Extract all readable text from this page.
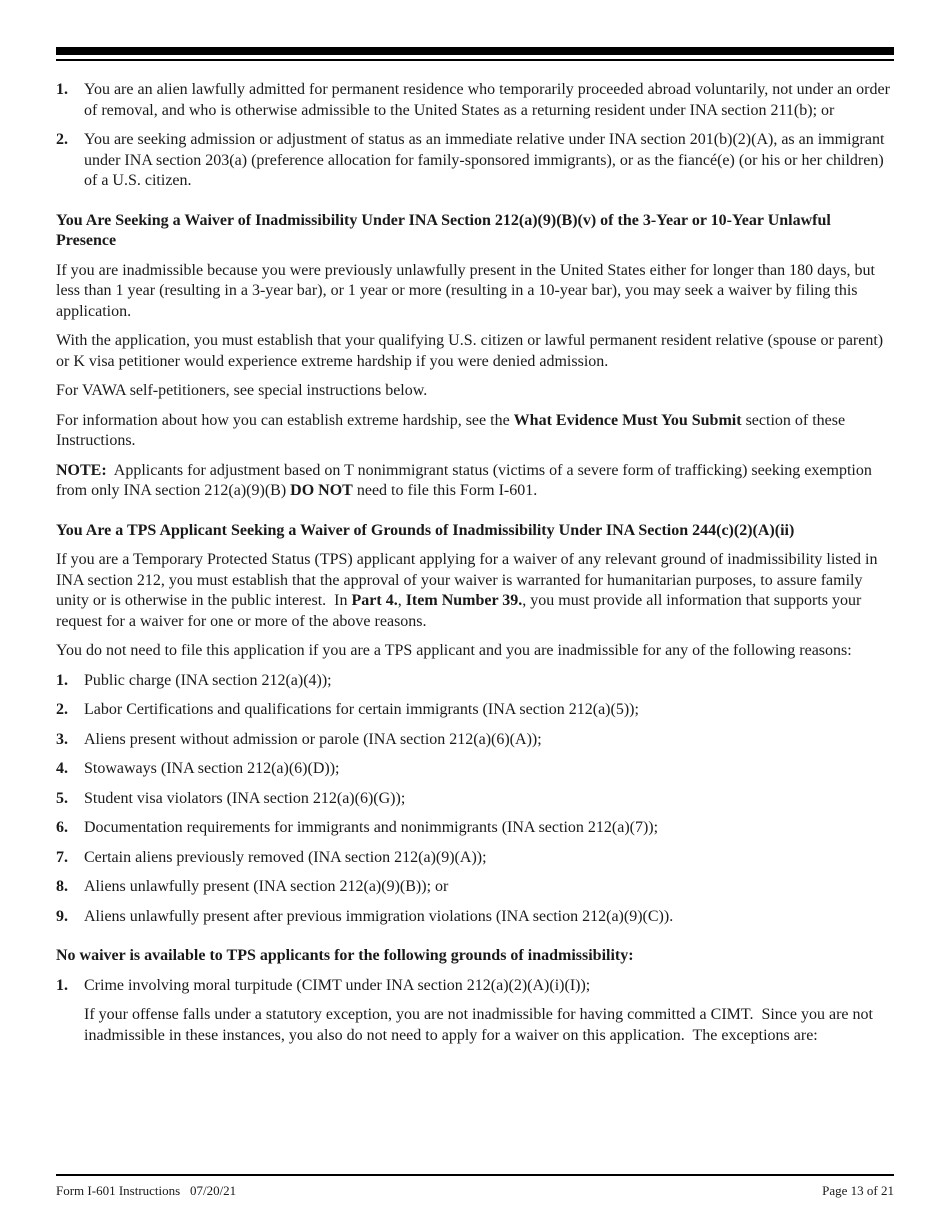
1.	You are an alien lawfully admitted for permanent residence who temporarily proceeded abroad voluntarily, not under an order of removal, and who is otherwise admissible to the United States as a returning resident under INA section 211(b); or
2.	You are seeking admission or adjustment of status as an immediate relative under INA section 201(b)(2)(A), as an immigrant under INA section 203(a) (preference allocation for family-sponsored immigrants), or as the fiancé(e) (or his or her children) of a U.S. citizen.
You Are Seeking a Waiver of Inadmissibility Under INA Section 212(a)(9)(B)(v) of the 3-Year or 10-Year Unlawful Presence

If you are inadmissible because you were previously unlawfully present in the United States either for longer than 180 days, but less than 1 year (resulting in a 3-year bar), or 1 year or more (resulting in a 10-year bar), you may seek a waiver by filing this application.

With the application, you must establish that your qualifying U.S. citizen or lawful permanent resident relative (spouse or parent) or K visa petitioner would experience extreme hardship if you were denied admission.

For VAWA self-petitioners, see special instructions below.

For information about how you can establish extreme hardship, see the What Evidence Must You Submit section of these Instructions.

NOTE:  Applicants for adjustment based on T nonimmigrant status (victims of a severe form of trafficking) seeking exemption from only INA section 212(a)(9)(B) DO NOT need to file this Form I-601.

You Are a TPS Applicant Seeking a Waiver of Grounds of Inadmissibility Under INA Section 244(c)(2)(A)(ii)

If you are a Temporary Protected Status (TPS) applicant applying for a waiver of any relevant ground of inadmissibility listed in INA section 212, you must establish that the approval of your waiver is warranted for humanitarian purposes, to assure family unity or is otherwise in the public interest.  In Part 4., Item Number 39., you must provide all information that supports your request for a waiver for one or more of the above reasons.

You do not need to file this application if you are a TPS applicant and you are inadmissible for any of the following reasons:

1.	Public charge (INA section 212(a)(4));
2.	Labor Certifications and qualifications for certain immigrants (INA section 212(a)(5));
3.	Aliens present without admission or parole (INA section 212(a)(6)(A));
4.	Stowaways (INA section 212(a)(6)(D));
5.	Student visa violators (INA section 212(a)(6)(G));
6.	Documentation requirements for immigrants and nonimmigrants (INA section 212(a)(7));
7.	Certain aliens previously removed (INA section 212(a)(9)(A));
8.	Aliens unlawfully present (INA section 212(a)(9)(B)); or
9.	Aliens unlawfully present after previous immigration violations (INA section 212(a)(9)(C)).
No waiver is available to TPS applicants for the following grounds of inadmissibility:
1.	Crime involving moral turpitude (CIMT under INA section 212(a)(2)(A)(i)(I));

If your offense falls under a statutory exception, you are not inadmissible for having committed a CIMT.  Since you are not inadmissible in these instances, you also do not need to apply for a waiver on this application.  The exceptions are:

Form I-601 Instructions   07/20/21	Page 13 of 21
